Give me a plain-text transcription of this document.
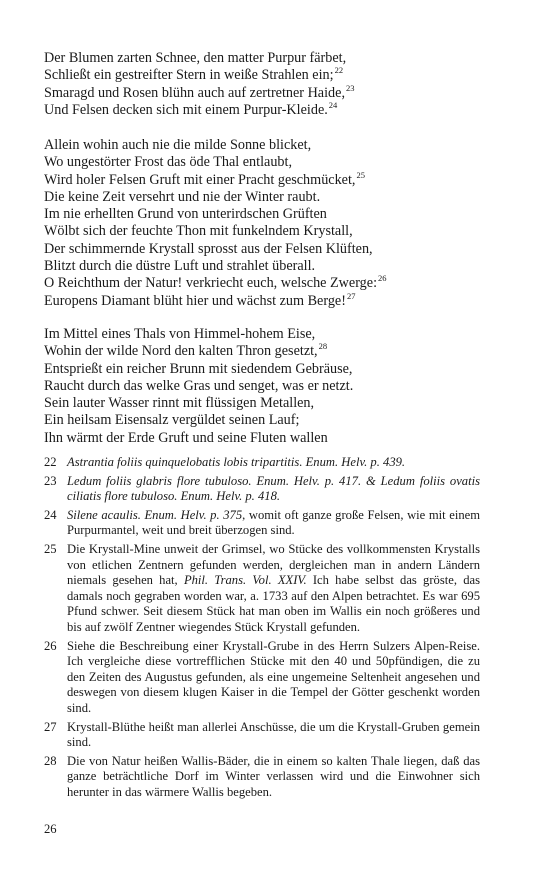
Der Blumen zarten Schnee, den matter Purpur färbet,
Schließt ein gestreifter Stern in weiße Strahlen ein;$^{22}$
Smaragd und Rosen blühn auch auf zertretner Haide,$^{23}$
Und Felsen decken sich mit einem Purpur-Kleide.$^{24}$
Allein wohin auch nie die milde Sonne blicket,
Wo ungestörter Frost das öde Thal entlaubt,
Wird holer Felsen Gruft mit einer Pracht geschmücket,$^{25}$
Die keine Zeit versehrt und nie der Winter raubt.
Im nie erhellten Grund von unterirdschen Grüften
Wölbt sich der feuchte Thon mit funkelndem Krystall,
Der schimmernde Krystall sprosst aus der Felsen Klüften,
Blitzt durch die düstre Luft und strahlet überall.
O Reichthum der Natur! verkriecht euch, welsche Zwerge:$^{26}$
Europens Diamant blüht hier und wächst zum Berge!$^{27}$
Im Mittel eines Thals von Himmel-hohem Eise,
Wohin der wilde Nord den kalten Thron gesetzt,$^{28}$
Entsprießt ein reicher Brunn mit siedendem Gebräuse,
Raucht durch das welke Gras und senget, was er netzt.
Sein lauter Wasser rinnt mit flüssigen Metallen,
Ein heilsam Eisensalz vergüldet seinen Lauf;
Ihn wärmt der Erde Gruft und seine Fluten wallen
22 Astrantia foliis quinquelobatis lobis tripartitis. Enum. Helv. p. 439.
23 Ledum foliis glabris flore tubuloso. Enum. Helv. p. 417. & Ledum foliis ovatis ciliatis flore tubuloso. Enum. Helv. p. 418.
24 Silene acaulis. Enum. Helv. p. 375, womit oft ganze große Felsen, wie mit einem Purpurmantel, weit und breit überzogen sind.
25 Die Krystall-Mine unweit der Grimsel, wo Stücke des vollkommensten Krystalls von etlichen Zentnern gefunden werden, dergleichen man in andern Ländern niemals gesehen hat, Phil. Trans. Vol. XXIV. Ich habe selbst das gröste, das damals noch gegraben worden war, a. 1733 auf den Alpen betrachtet. Es war 695 Pfund schwer. Seit diesem Stück hat man oben im Wallis ein noch größeres und bis auf zwölf Zentner wiegendes Stück Krystall gefunden.
26 Siehe die Beschreibung einer Krystall-Grube in des Herrn Sulzers Alpen-Reise. Ich vergleiche diese vortrefflichen Stücke mit den 40 und 50pfündigen, die zu den Zeiten des Augustus gefunden, als eine ungemeine Seltenheit angesehen und deswegen von diesem klugen Kaiser in die Tempel der Götter geschenkt worden sind.
27 Krystall-Blüthe heißt man allerlei Anschüsse, die um die Krystall-Gruben gemein sind.
28 Die von Natur heißen Wallis-Bäder, die in einem so kalten Thale liegen, daß das ganze beträchtliche Dorf im Winter verlassen wird und die Einwohner sich herunter in das wärmere Wallis begeben.
26
